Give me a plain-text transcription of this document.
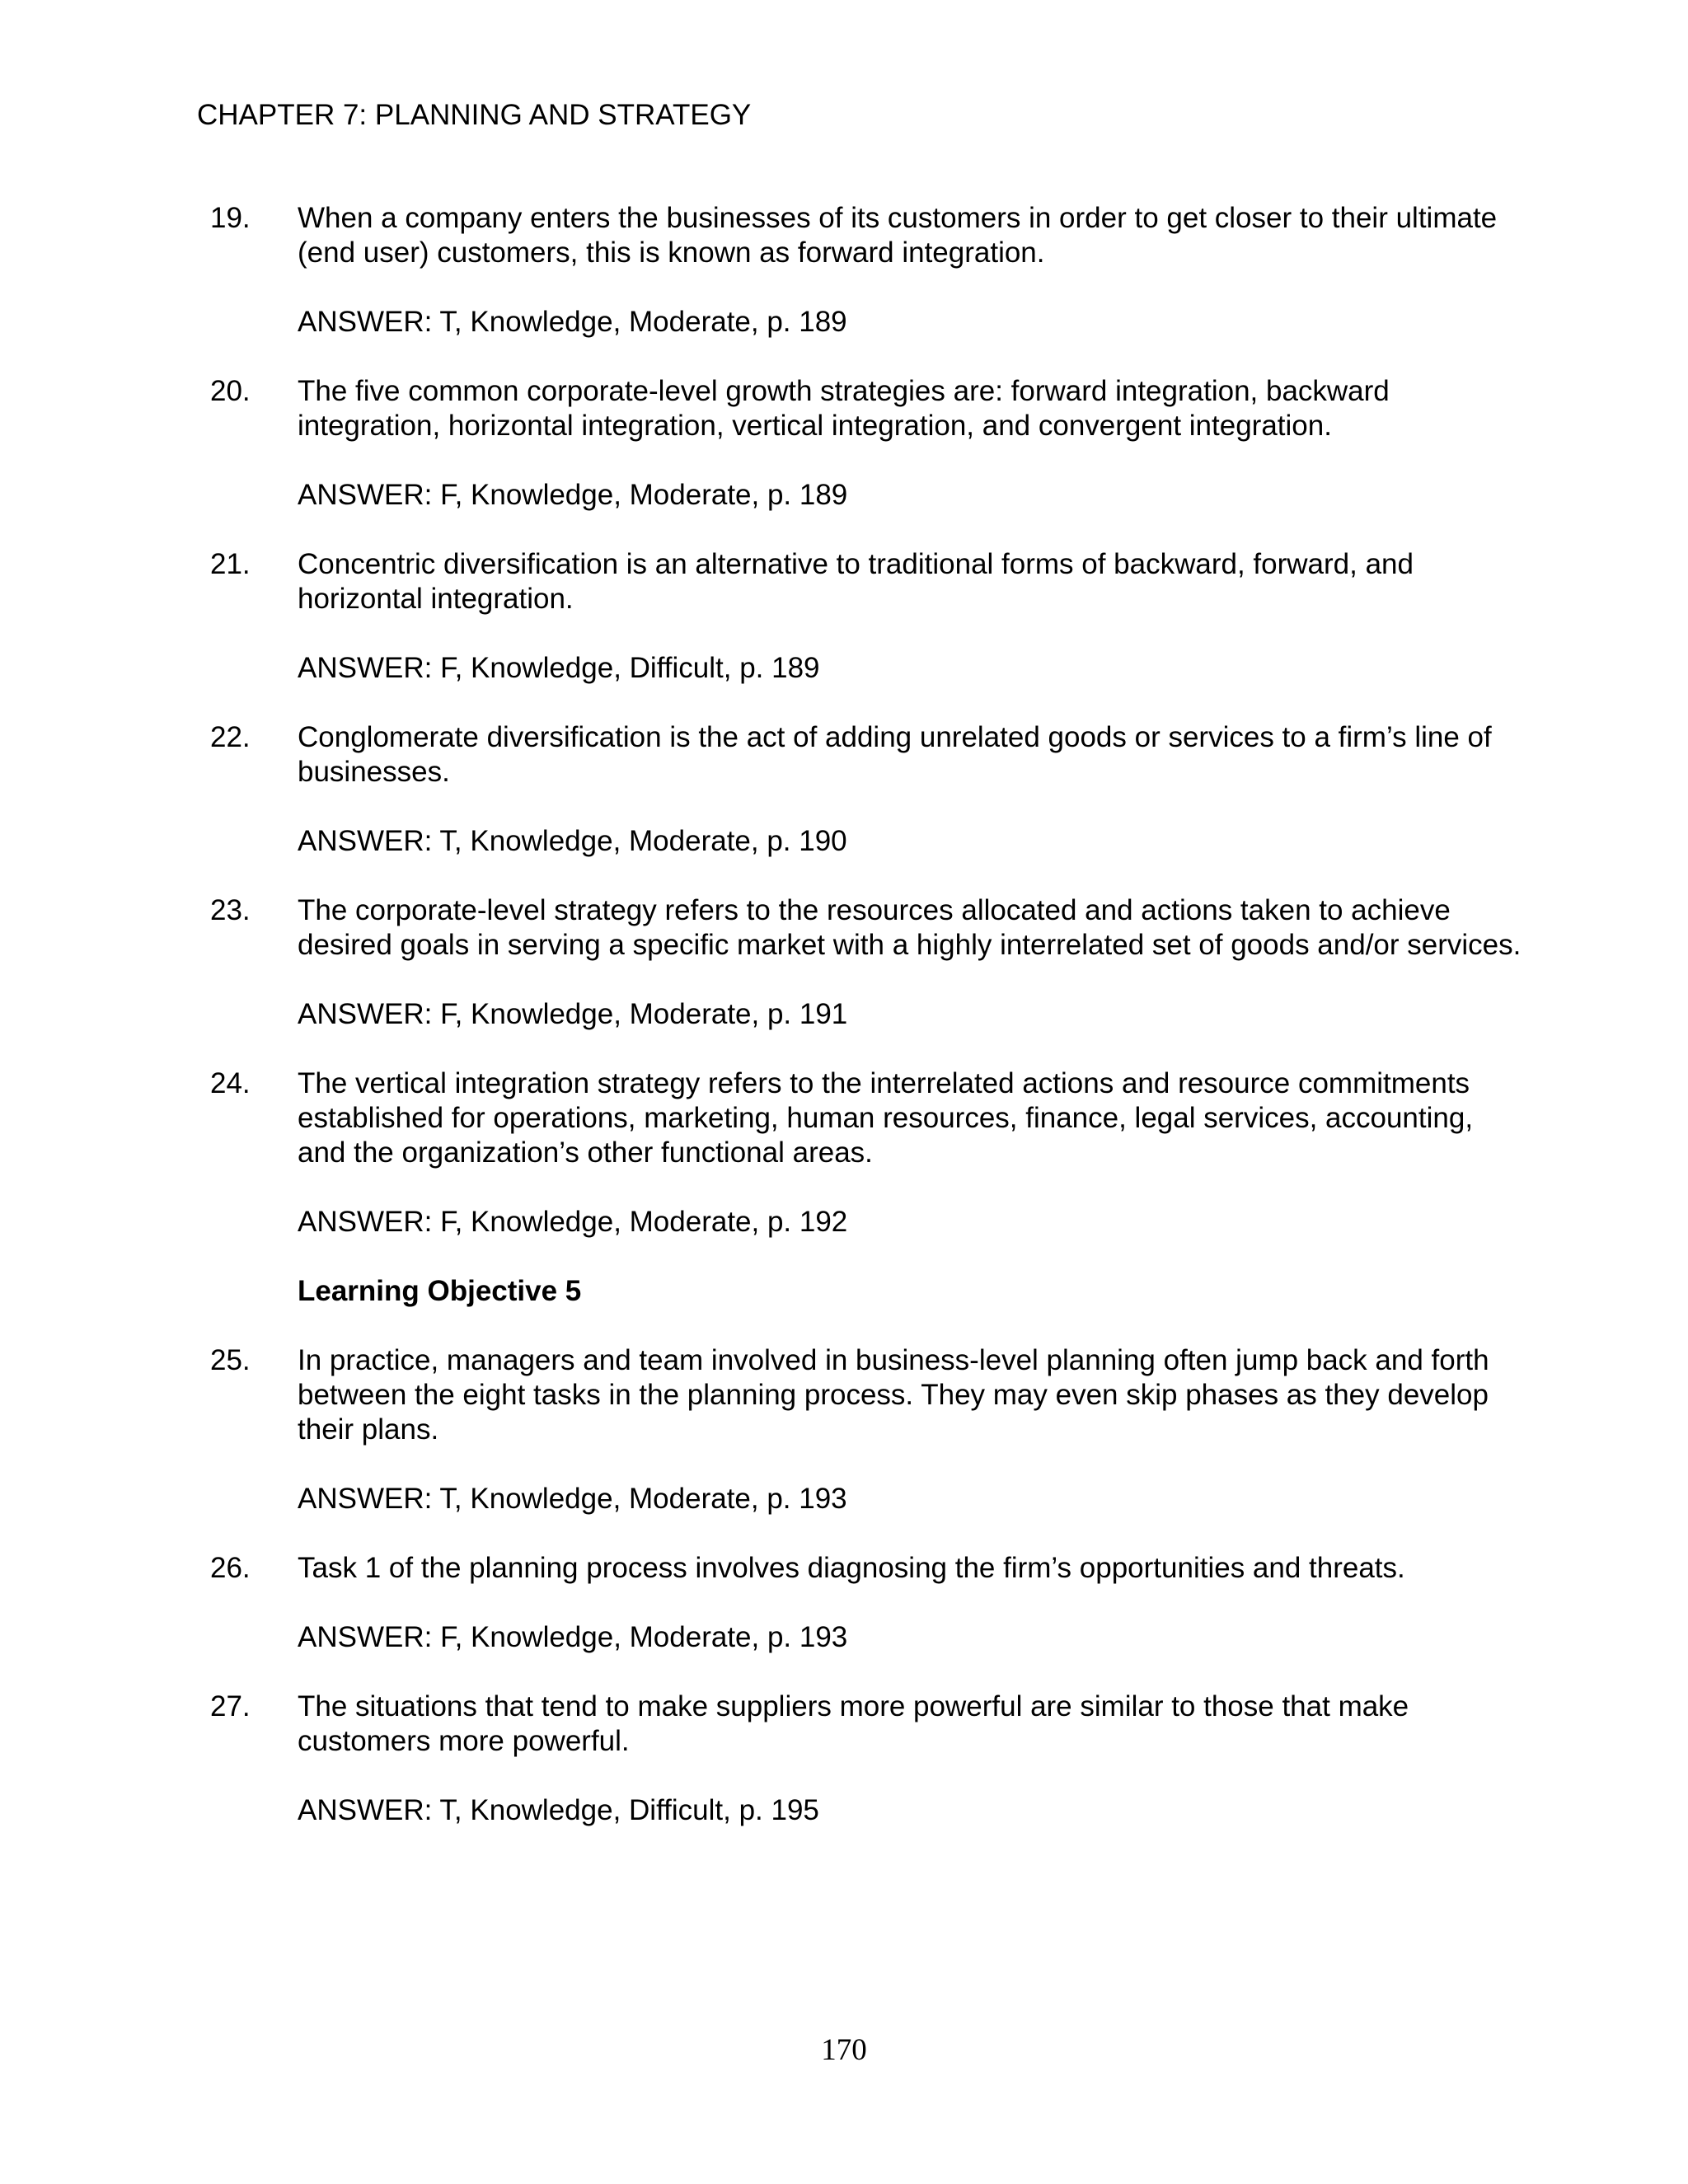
CHAPTER 7: PLANNING AND STRATEGY
19.	When a company enters the businesses of its customers in order to get closer to their ultimate (end user) customers, this is known as forward integration.
ANSWER: T, Knowledge, Moderate, p. 189
20.	The five common corporate-level growth strategies are: forward integration, backward integration, horizontal integration, vertical integration, and convergent integration.
ANSWER: F, Knowledge, Moderate, p. 189
21.	Concentric diversification is an alternative to traditional forms of backward, forward, and horizontal integration.
ANSWER: F, Knowledge, Difficult, p. 189
22.	Conglomerate diversification is the act of adding unrelated goods or services to a firm’s line of businesses.
ANSWER: T, Knowledge, Moderate, p. 190
23.	The corporate-level strategy refers to the resources allocated and actions taken to achieve desired goals in serving a specific market with a highly interrelated set of goods and/or services.
ANSWER: F, Knowledge, Moderate, p. 191
24.	The vertical integration strategy refers to the interrelated actions and resource commitments established for operations, marketing, human resources, finance, legal services, accounting, and the organization’s other functional areas.
ANSWER: F, Knowledge, Moderate, p. 192
Learning Objective 5
25.	In practice, managers and team involved in business-level planning often jump back and forth between the eight tasks in the planning process. They may even skip phases as they develop their plans.
ANSWER: T, Knowledge, Moderate, p. 193
26.	Task 1 of the planning process involves diagnosing the firm’s opportunities and threats.
ANSWER: F, Knowledge, Moderate, p. 193
27.	The situations that tend to make suppliers more powerful are similar to those that make customers more powerful.
ANSWER: T, Knowledge, Difficult, p. 195
170
